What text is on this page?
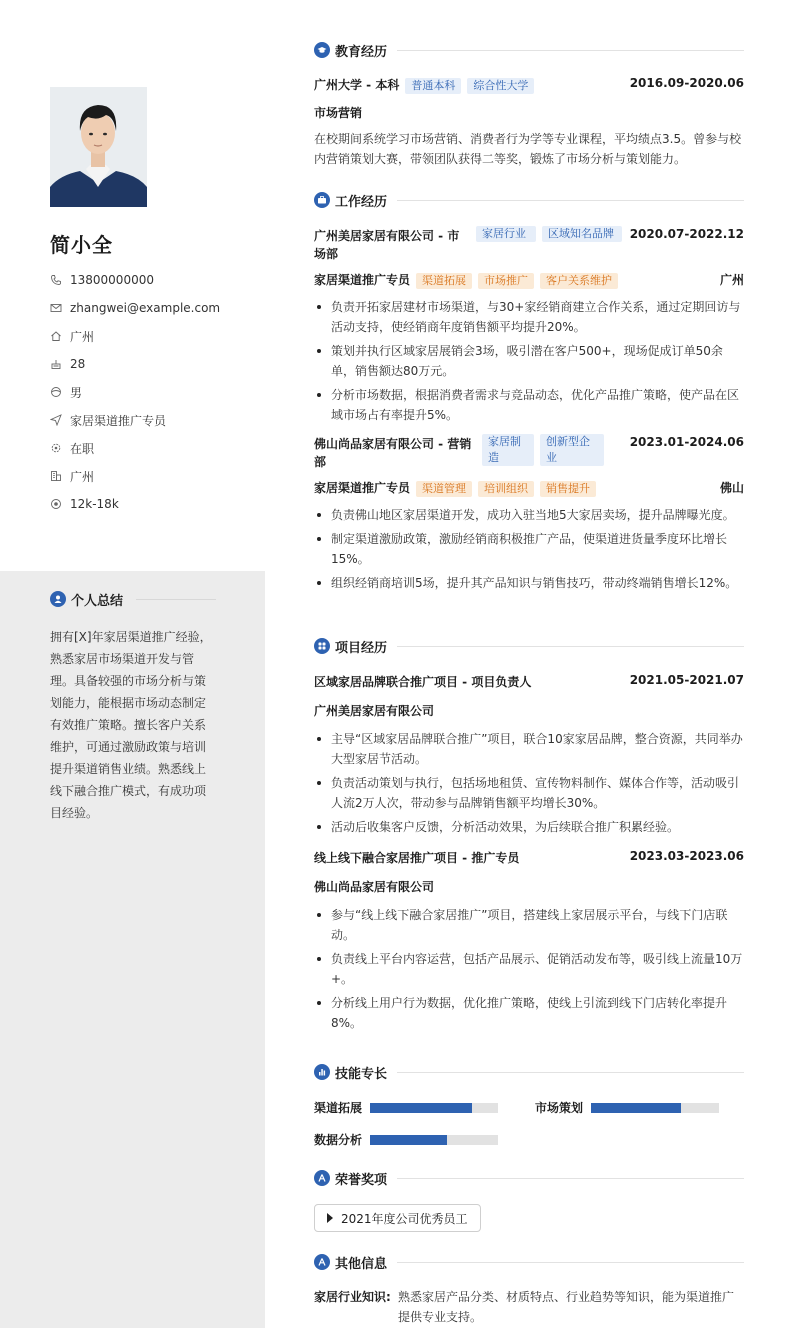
简小全
13800000000
zhangwei@example.com
广州
28
男
家居渠道推广专员
在职
广州
12k-18k
个人总结
拥有[X]年家居渠道推广经验，熟悉家居市场渠道开发与管理。具备较强的市场分析与策划能力，能根据市场动态制定有效推广策略。擅长客户关系维护，可通过激励政策与培训提升渠道销售业绩。熟悉线上线下融合推广模式，有成功项目经验。
教育经历
广州大学 - 本科 普通本科 综合性大学	2016.09-2020.06
市场营销
在校期间系统学习市场营销、消费者行为学等专业课程，平均绩点3.5。曾参与校内营销策划大赛，带领团队获得二等奖，锻炼了市场分析与策划能力。
工作经历
广州美居家居有限公司 - 市场部
家居行业	区域知名品牌	2020.07-2022.12
家居渠道推广专员 渠道拓展 市场推广 客户关系维护	广州
负责开拓家居建材市场渠道，与30+家经销商建立合作关系，通过定期回访与活动支持，使经销商年度销售额平均提升20%。
策划并执行区域家居展销会3场，吸引潜在客户500+，现场促成订单50余单，销售额达80万元。
分析市场数据，根据消费者需求与竞品动态，优化产品推广策略，使产品在区域市场占有率提升5%。
佛山尚品家居有限公司 - 营销部
家居制造
创新型企业
2023.01-2024.06
家居渠道推广专员 渠道管理 培训组织 销售提升	佛山
负责佛山地区家居渠道开发，成功入驻当地5大家居卖场，提升品牌曝光度。
制定渠道激励政策，激励经销商积极推广产品，使渠道进货量季度环比增长15%。
组织经销商培训5场，提升其产品知识与销售技巧，带动终端销售增长12%。
项目经历
区域家居品牌联合推广项目 - 项目负责人	2021.05-2021.07
广州美居家居有限公司
主导“区域家居品牌联合推广”项目，联合10家家居品牌，整合资源，共同举办大型家居节活动。
负责活动策划与执行，包括场地租赁、宣传物料制作、媒体合作等，活动吸引人流2万人次，带动参与品牌销售额平均增长30%。
活动后收集客户反馈，分析活动效果，为后续联合推广积累经验。
线上线下融合家居推广项目 - 推广专员	2023.03-2023.06
佛山尚品家居有限公司
参与“线上线下融合家居推广”项目，搭建线上家居展示平台，与线下门店联动。
负责线上平台内容运营，包括产品展示、促销活动发布等，吸引线上流量10万+。
分析线上用户行为数据，优化推广策略，使线上引流到线下门店转化率提升8%。
技能专长
渠道拓展	市场策划
数据分析
荣誉奖项
2021年度公司优秀员工
其他信息
家居行业知识: 熟悉家居产品分类、材质特点、行业趋势等知识，能为渠道推广提供专业支持。
